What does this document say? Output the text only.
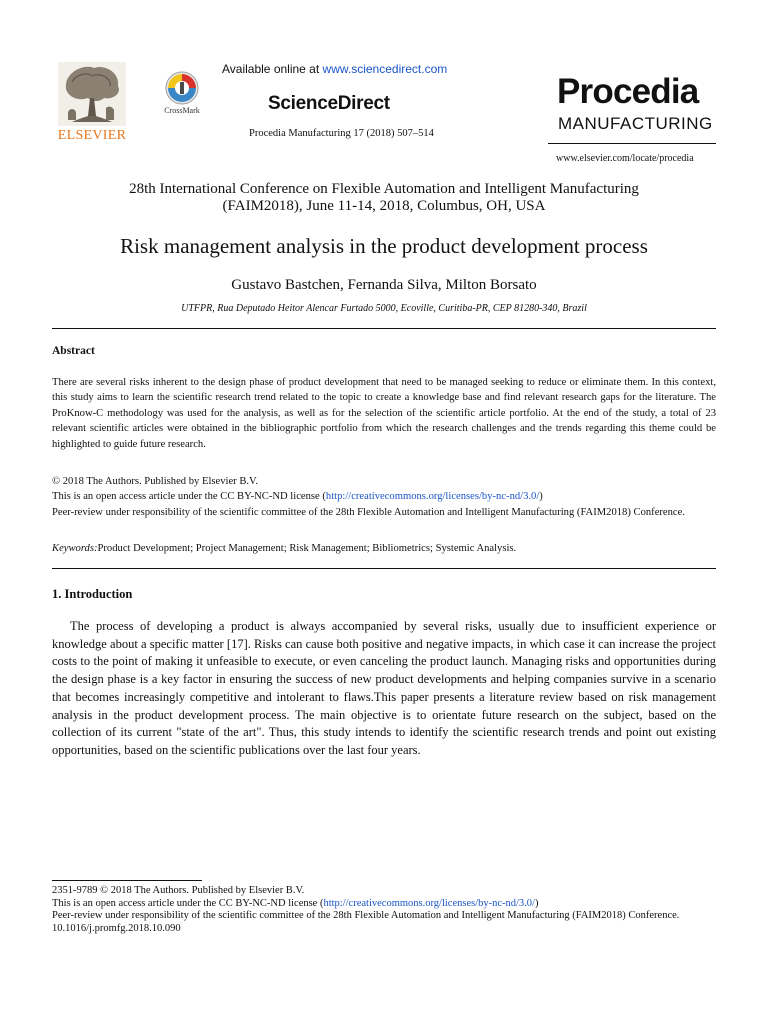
ELSEVIER
CrossMark
Available online at www.sciencedirect.com
ScienceDirect
Procedia Manufacturing 17 (2018) 507–514
Procedia
MANUFACTURING
www.elsevier.com/locate/procedia
28th International Conference on Flexible Automation and Intelligent Manufacturing
(FAIM2018), June 11-14, 2018, Columbus, OH, USA
Risk management analysis in the product development process
Gustavo Bastchen, Fernanda Silva, Milton Borsato
UTFPR, Rua Deputado Heitor Alencar Furtado 5000, Ecoville, Curitiba-PR, CEP 81280-340, Brazil
Abstract
There are several risks inherent to the design phase of product development that need to be managed seeking to reduce or eliminate them. In this context, this study aims to learn the scientific research trend related to the topic to create a knowledge base and find relevant research gaps for the literature. The ProKnow-C methodology was used for the analysis, as well as for the selection of the scientific article portfolio. At the end of the study, a total of 23 relevant scientific articles were obtained in the bibliographic portfolio from which the research challenges and the trends regarding this theme could be highlighted to guide future research.
© 2018 The Authors. Published by Elsevier B.V.
This is an open access article under the CC BY-NC-ND license (http://creativecommons.org/licenses/by-nc-nd/3.0/)
Peer-review under responsibility of the scientific committee of the 28th Flexible Automation and Intelligent Manufacturing (FAIM2018) Conference.
Keywords:Product Development; Project Management; Risk Management; Bibliometrics; Systemic Analysis.
1. Introduction
The process of developing a product is always accompanied by several risks, usually due to insufficient experience or knowledge about a specific matter [17]. Risks can cause both positive and negative impacts, in which case it can increase the project costs to the point of making it unfeasible to execute, or even canceling the product launch. Managing risks and opportunities during the design phase is a key factor in ensuring the success of new product developments and helping companies survive in a scenario that becomes increasingly competitive and intolerant to flaws.This paper presents a literature review based on risk management analysis in the product development process. The main objective is to orientate future research on the subject, based on the collection of its current "state of the art". Thus, this study intends to identify the scientific research trends and point out existing opportunities, based on the scientific publications over the last four years.
2351-9789 © 2018 The Authors. Published by Elsevier B.V.
This is an open access article under the CC BY-NC-ND license (http://creativecommons.org/licenses/by-nc-nd/3.0/)
Peer-review under responsibility of the scientific committee of the 28th Flexible Automation and Intelligent Manufacturing (FAIM2018) Conference.
10.1016/j.promfg.2018.10.090
